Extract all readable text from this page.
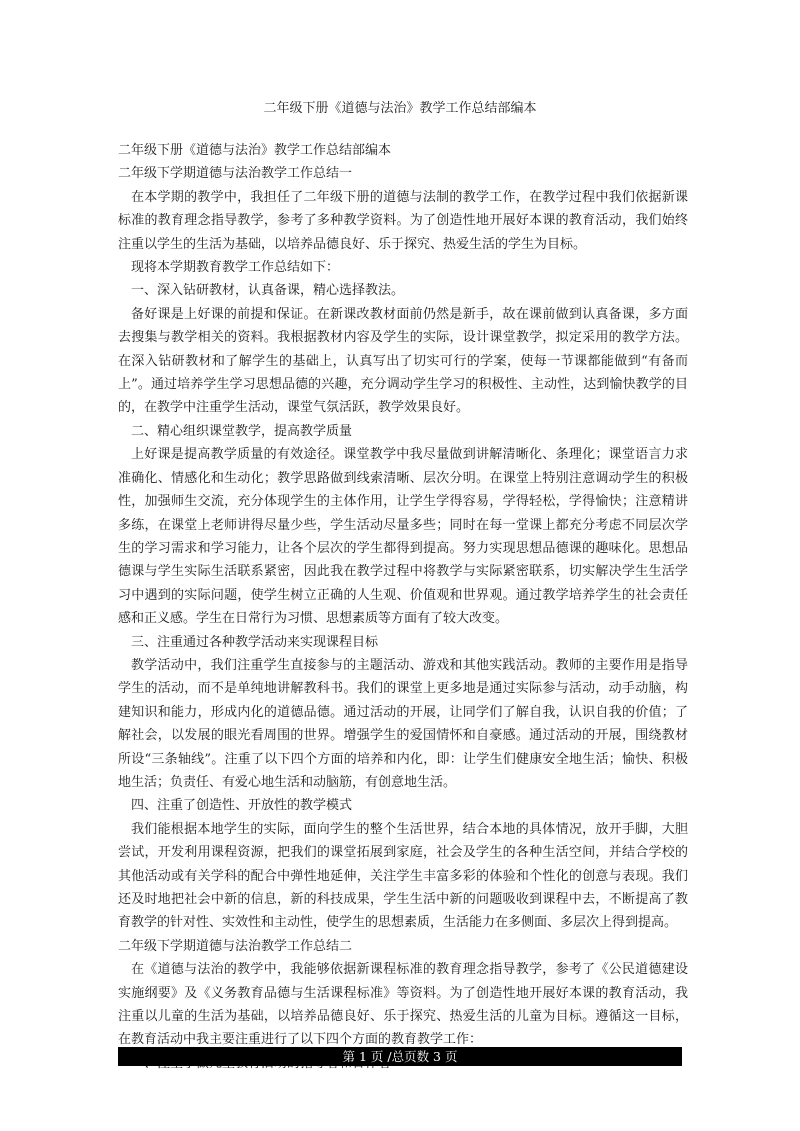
二年级下册《道德与法治》教学工作总结部编本

二年级下册《道德与法治》教学工作总结部编本

二年级下学期道德与法治教学工作总结一

在本学期的教学中，我担任了二年级下册的道德与法制的教学工作，在教学过程中我们依据新课标准的教育理念指导教学，参考了多种教学资料。为了创造性地开展好本课的教育活动，我们始终注重以学生的生活为基础，以培养品德良好、乐于探究、热爱生活的学生为目标。

现将本学期教育教学工作总结如下：

一、深入钻研教材，认真备课，精心选择教法。

备好课是上好课的前提和保证。在新课改教材面前仍然是新手，故在课前做到认真备课，多方面去搜集与教学相关的资料。我根据教材内容及学生的实际，设计课堂教学，拟定采用的教学方法。在深入钻研教材和了解学生的基础上，认真写出了切实可行的学案，使每一节课都能做到“有备而上”。通过培养学生学习思想品德的兴趣，充分调动学生学习的积极性、主动性，达到愉快教学的目的，在教学中注重学生活动，课堂气氛活跃，教学效果良好。

二、精心组织课堂教学，提高教学质量

上好课是提高教学质量的有效途径。课堂教学中我尽量做到讲解清晰化、条理化；课堂语言力求准确化、情感化和生动化；教学思路做到线索清晰、层次分明。在课堂上特别注意调动学生的积极性，加强师生交流，充分体现学生的主体作用，让学生学得容易，学得轻松，学得愉快；注意精讲多练，在课堂上老师讲得尽量少些，学生活动尽量多些；同时在每一堂课上都充分考虑不同层次学生的学习需求和学习能力，让各个层次的学生都得到提高。努力实现思想品德课的趣味化。思想品德课与学生实际生活联系紧密，因此我在教学过程中将教学与实际紧密联系，切实解决学生生活学习中遇到的实际问题，使学生树立正确的人生观、价值观和世界观。通过教学培养学生的社会责任感和正义感。学生在日常行为习惯、思想素质等方面有了较大改变。

三、注重通过各种教学活动来实现课程目标

教学活动中，我们注重学生直接参与的主题活动、游戏和其他实践活动。教师的主要作用是指导学生的活动，而不是单纯地讲解教科书。我们的课堂上更多地是通过实际参与活动，动手动脑，构建知识和能力，形成内化的道德品德。通过活动的开展，让同学们了解自我，认识自我的价值；了解社会，以发展的眼光看周围的世界。增强学生的爱国情怀和自豪感。通过活动的开展，围绕教材所设“三条轴线”。注重了以下四个方面的培养和内化，即：让学生们健康安全地生活；愉快、积极地生活；负责任、有爱心地生活和动脑筋，有创意地生活。

四、注重了创造性、开放性的教学模式

我们能根据本地学生的实际，面向学生的整个生活世界，结合本地的具体情况，放开手脚，大胆尝试，开发利用课程资源，把我们的课堂拓展到家庭，社会及学生的各种生活空间，并结合学校的其他活动或有关学科的配合中弹性地延伸，关注学生丰富多彩的体验和个性化的创意与表现。我们还及时地把社会中新的信息，新的科技成果，学生生活中新的问题吸收到课程中去，不断提高了教育教学的针对性、实效性和主动性，使学生的思想素质，生活能力在多侧面、多层次上得到提高。

二年级下学期道德与法治教学工作总结二

在《道德与法治的教学中，我能够依据新课程标准的教育理念指导教学，参考了《公民道德建设实施纲要》及《义务教育品德与生活课程标准》等资料。为了创造性地开展好本课的教育活动，我注重以儿童的生活为基础，以培养品德良好、乐于探究、热爱生活的儿童为目标。遵循这一目标，在教育活动中我主要注重进行了以下四个方面的教育教学工作：

第 1 页 /总页数 3 页
